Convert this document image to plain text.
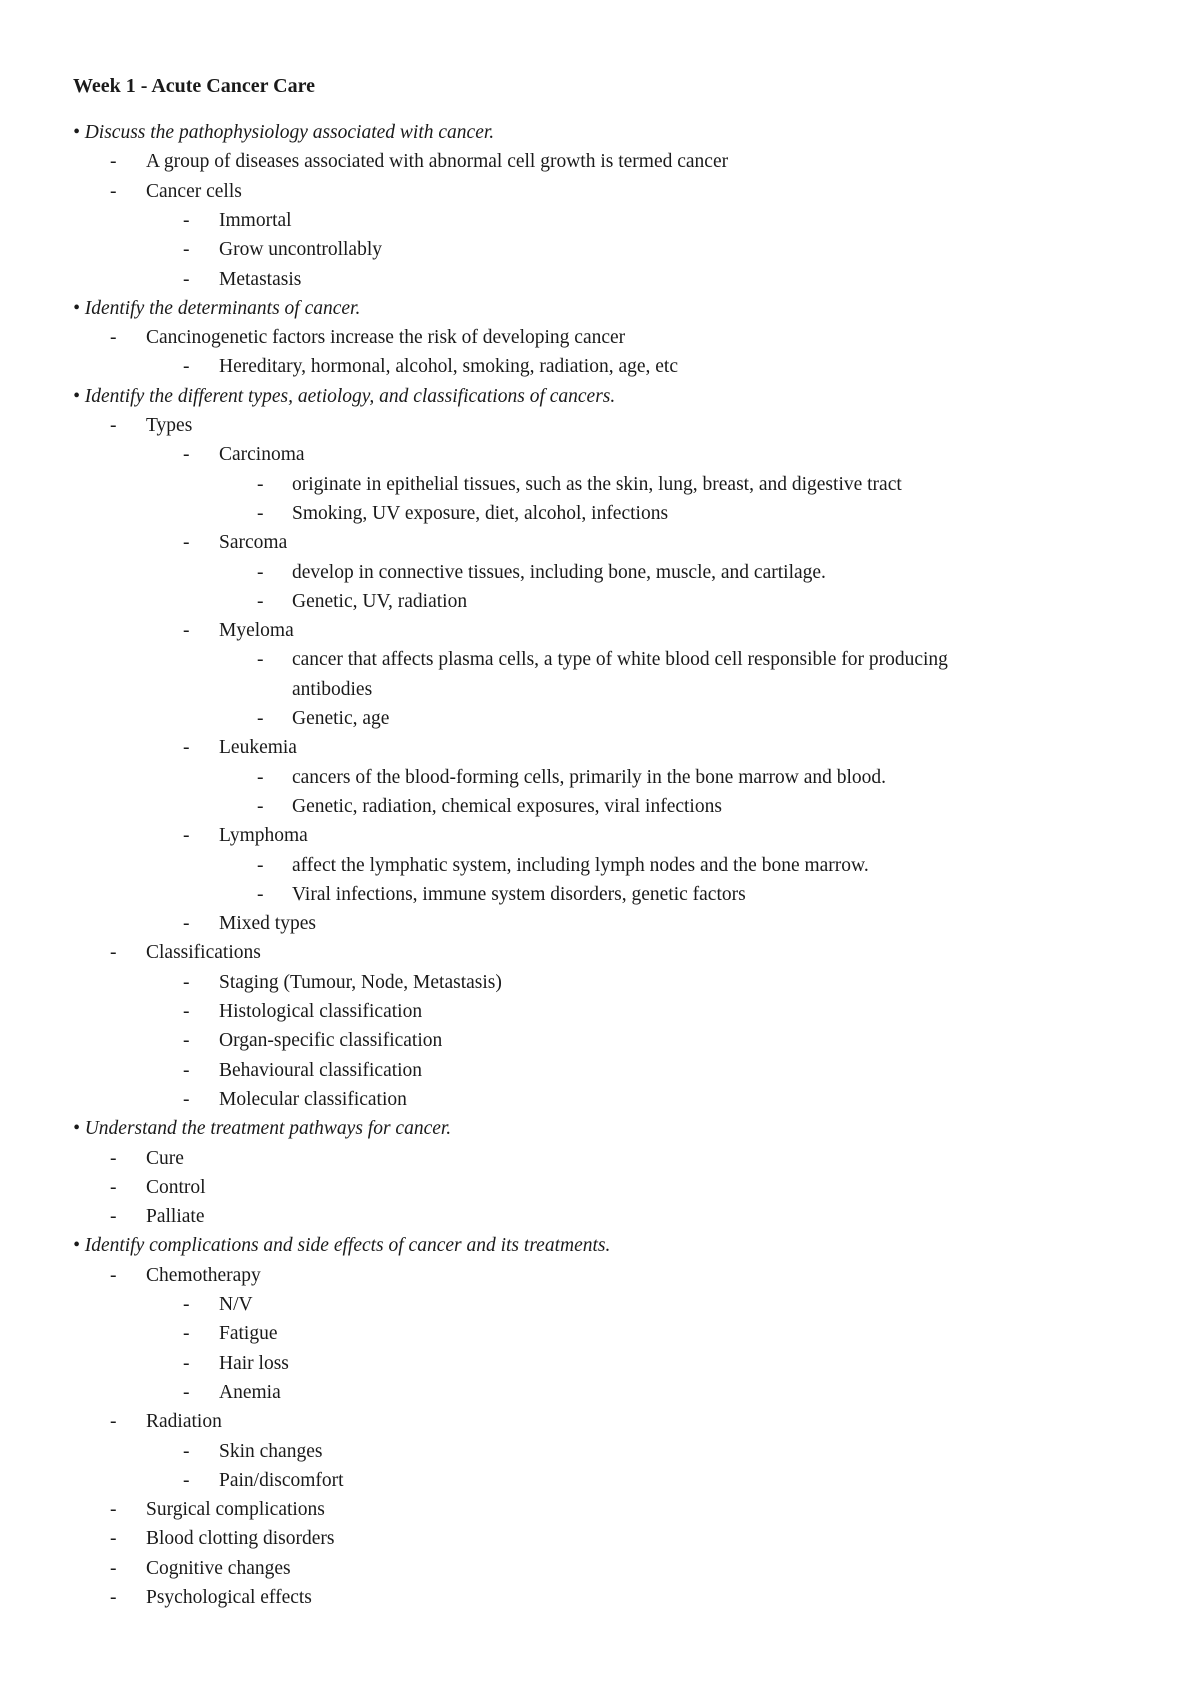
Week 1 - Acute Cancer Care
• Discuss the pathophysiology associated with cancer.
- A group of diseases associated with abnormal cell growth is termed cancer
- Cancer cells
- Immortal
- Grow uncontrollably
- Metastasis
• Identify the determinants of cancer.
- Cancinogenetic factors increase the risk of developing cancer
- Hereditary, hormonal, alcohol, smoking, radiation, age, etc
• Identify the different types, aetiology, and classifications of cancers.
- Types
- Carcinoma
- originate in epithelial tissues, such as the skin, lung, breast, and digestive tract
- Smoking, UV exposure, diet, alcohol, infections
- Sarcoma
- develop in connective tissues, including bone, muscle, and cartilage.
- Genetic, UV, radiation
- Myeloma
- cancer that affects plasma cells, a type of white blood cell responsible for producing
antibodies
- Genetic, age
- Leukemia
- cancers of the blood-forming cells, primarily in the bone marrow and blood.
- Genetic, radiation, chemical exposures, viral infections
- Lymphoma
- affect the lymphatic system, including lymph nodes and the bone marrow.
- Viral infections, immune system disorders, genetic factors
- Mixed types
- Classifications
- Staging (Tumour, Node, Metastasis)
- Histological classification
- Organ-specific classification
- Behavioural classification
- Molecular classification
• Understand the treatment pathways for cancer.
- Cure
- Control
- Palliate
• Identify complications and side effects of cancer and its treatments.
- Chemotherapy
- N/V
- Fatigue
- Hair loss
- Anemia
- Radiation
- Skin changes
- Pain/discomfort
- Surgical complications
- Blood clotting disorders
- Cognitive changes
- Psychological effects
